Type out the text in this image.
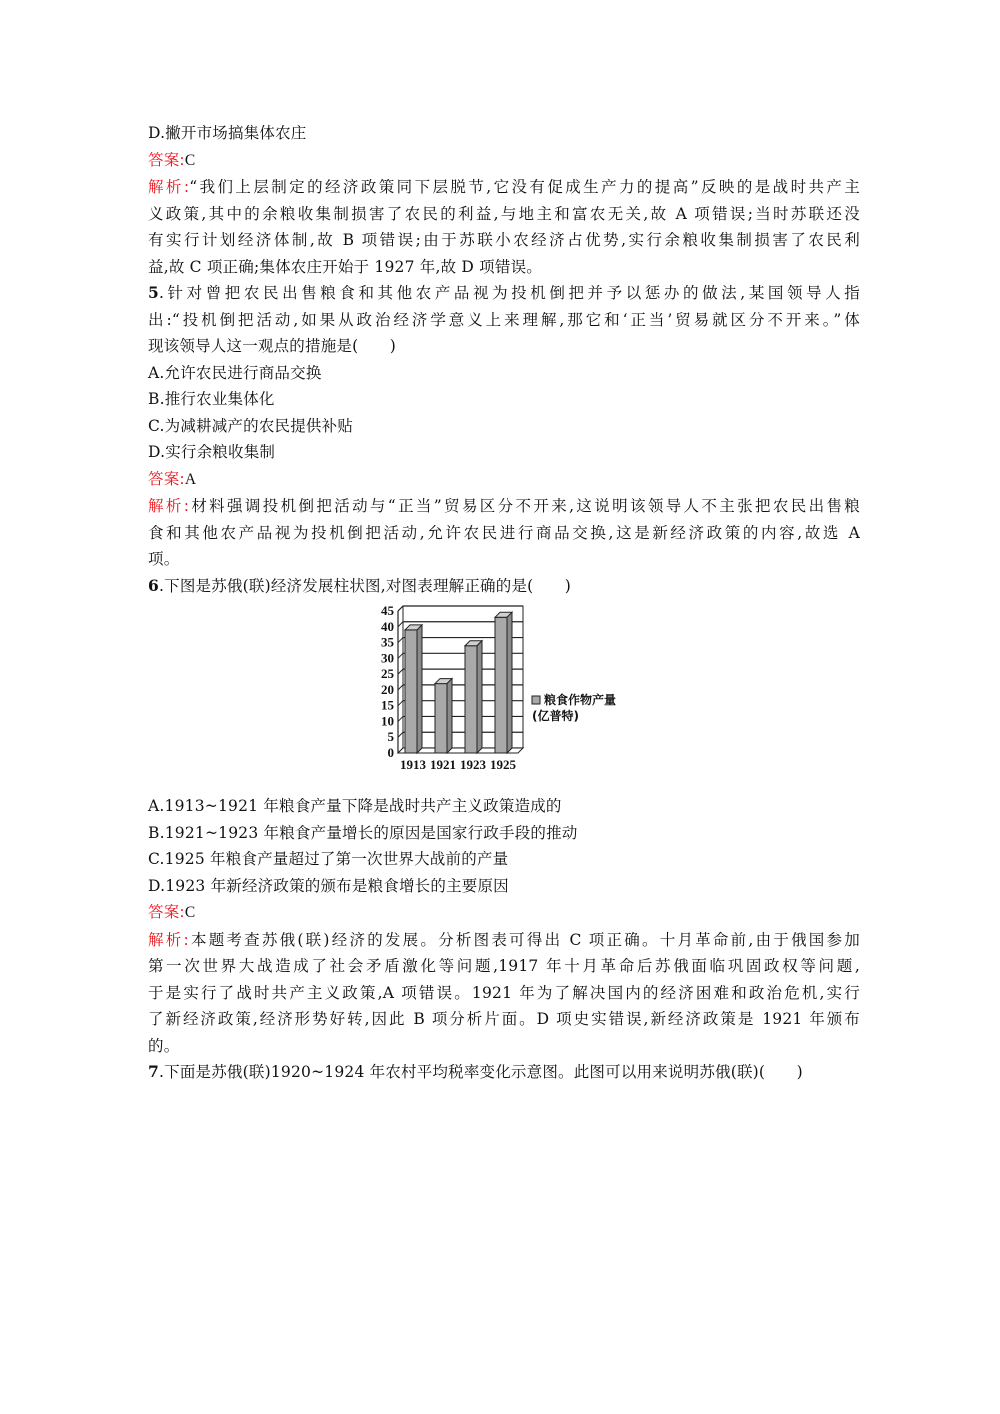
D.撇开市场搞集体农庄
答案:C
解析:“我们上层制定的经济政策同下层脱节,它没有促成生产力的提高”反映的是战时共产主
义政策,其中的余粮收集制损害了农民的利益,与地主和富农无关,故 A 项错误;当时苏联还没
有实行计划经济体制,故 B 项错误;由于苏联小农经济占优势,实行余粮收集制损害了农民利
益,故 C 项正确;集体农庄开始于 1927 年,故 D 项错误。
5.针对曾把农民出售粮食和其他农产品视为投机倒把并予以惩办的做法,某国领导人指
出:“投机倒把活动,如果从政治经济学意义上来理解,那它和‘正当’贸易就区分不开来。”体
现该领导人这一观点的措施是(　　)
A.允许农民进行商品交换
B.推行农业集体化
C.为减耕减产的农民提供补贴
D.实行余粮收集制
答案:A
解析:材料强调投机倒把活动与“正当”贸易区分不开来,这说明该领导人不主张把农民出售粮
食和其他农产品视为投机倒把活动,允许农民进行商品交换,这是新经济政策的内容,故选 A
项。
6.下图是苏俄(联)经济发展柱状图,对图表理解正确的是(　　)
0
5
10
15
20
25
30
35
40
45
1913 1921 1923 1925
粮食作物产量
(亿普特)
A.1913~1921 年粮食产量下降是战时共产主义政策造成的
B.1921~1923 年粮食产量增长的原因是国家行政手段的推动
C.1925 年粮食产量超过了第一次世界大战前的产量
D.1923 年新经济政策的颁布是粮食增长的主要原因
答案:C
解析:本题考查苏俄(联)经济的发展。分析图表可得出 C 项正确。十月革命前,由于俄国参加
第一次世界大战造成了社会矛盾激化等问题,1917 年十月革命后苏俄面临巩固政权等问题,
于是实行了战时共产主义政策,A 项错误。1921 年为了解决国内的经济困难和政治危机,实行
了新经济政策,经济形势好转,因此 B 项分析片面。D 项史实错误,新经济政策是 1921 年颁布
的。
7.下面是苏俄(联)1920~1924 年农村平均税率变化示意图。此图可以用来说明苏俄(联)(　　)
